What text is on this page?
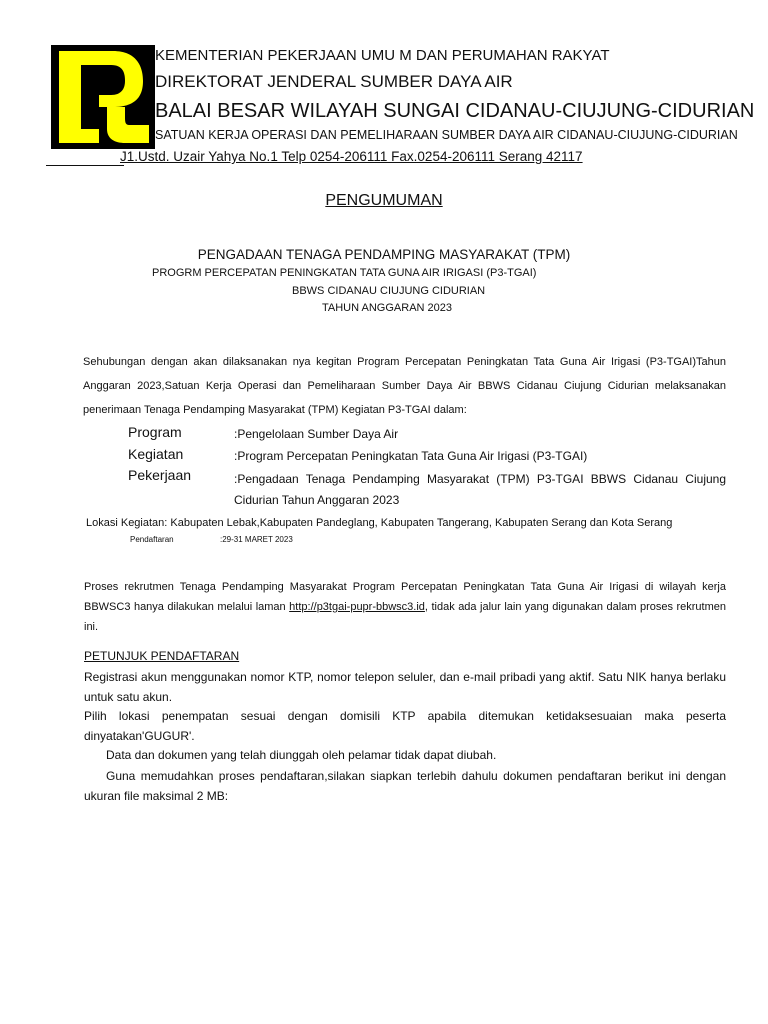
KEMENTERIAN PEKERJAAN UMU M DAN PERUMAHAN RAKYAT
DIREKTORAT JENDERAL SUMBER DAYA AIR
BALAI BESAR WILAYAH SUNGAI CIDANAU-CIUJUNG-CIDURIAN
SATUAN KERJA OPERASI DAN PEMELIHARAAN SUMBER DAYA AIR CIDANAU-CIUJUNG-CIDURIAN
J1.Ustd. Uzair Yahya No.1 Telp 0254-206111 Fax.0254-206111 Serang 42117
PENGUMUMAN
PENGADAAN TENAGA PENDAMPING MASYARAKAT (TPM)
PROGRM PERCEPATAN PENINGKATAN TATA GUNA AIR IRIGASI (P3-TGAI)
BBWS CIDANAU CIUJUNG CIDURIAN
TAHUN ANGGARAN 2023
Sehubungan dengan akan dilaksanakan nya kegitan Program Percepatan Peningkatan Tata Guna Air Irigasi (P3-TGAI)Tahun Anggaran 2023,Satuan Kerja Operasi dan Pemeliharaan Sumber Daya Air BBWS Cidanau Ciujung Cidurian melaksanakan penerimaan Tenaga Pendamping Masyarakat (TPM) Kegiatan P3-TGAI dalam:
Program	:Pengelolaan Sumber Daya Air
Kegiatan	:Program Percepatan Peningkatan Tata Guna Air Irigasi (P3-TGAI)
Pekerjaan	:Pengadaan Tenaga Pendamping Masyarakat (TPM) P3-TGAI BBWS Cidanau Ciujung Cidurian Tahun Anggaran 2023
Lokasi Kegiatan: Kabupaten Lebak,Kabupaten Pandeglang, Kabupaten Tangerang, Kabupaten Serang dan Kota Serang
Pendaftaran	:29-31 MARET 2023
Proses rekrutmen Tenaga Pendamping Masyarakat Program Percepatan Peningkatan Tata Guna Air Irigasi di wilayah kerja BBWSC3 hanya dilakukan melalui laman http://p3tgai-pupr-bbwsc3.id, tidak ada jalur lain yang digunakan dalam proses rekrutmen ini.
PETUNJUK PENDAFTARAN
Registrasi akun menggunakan nomor KTP, nomor telepon seluler, dan e-mail pribadi yang aktif. Satu NIK hanya berlaku untuk satu akun.
Pilih lokasi penempatan sesuai dengan domisili KTP apabila ditemukan ketidaksesuaian maka peserta dinyatakan'GUGUR'.
Data dan dokumen yang telah diunggah oleh pelamar tidak dapat diubah.
Guna memudahkan proses pendaftaran,silakan siapkan terlebih dahulu dokumen pendaftaran berikut ini dengan ukuran file maksimal 2 MB:
